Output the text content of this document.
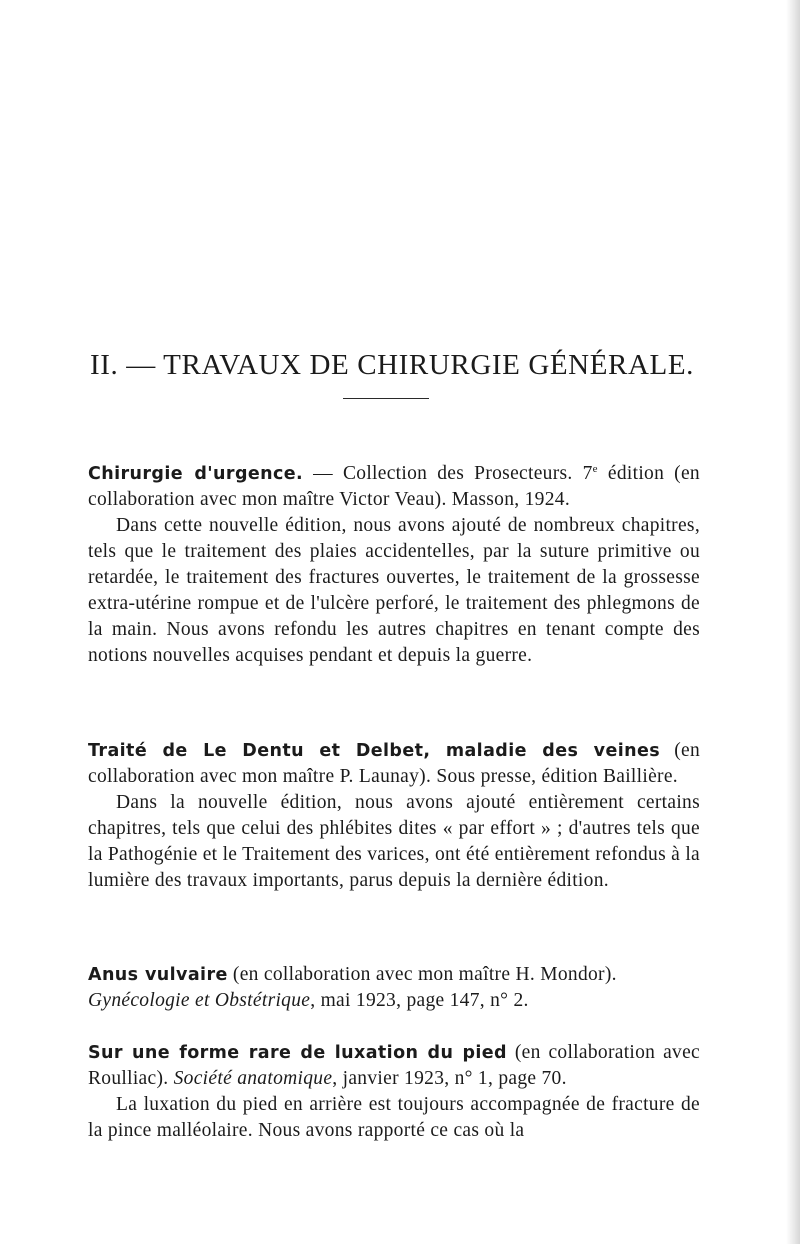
II. — TRAVAUX DE CHIRURGIE GÉNÉRALE.

Chirurgie d'urgence. — Collection des Prosecteurs. 7e édition (en collaboration avec mon maître Victor Veau). Masson, 1924.

Dans cette nouvelle édition, nous avons ajouté de nombreux chapitres, tels que le traitement des plaies accidentelles, par la suture primitive ou retardée, le traitement des fractures ouvertes, le traitement de la grossesse extra-utérine rompue et de l'ulcère perforé, le traitement des phlegmons de la main. Nous avons refondu les autres chapitres en tenant compte des notions nouvelles acquises pendant et depuis la guerre.

Traité de Le Dentu et Delbet, maladie des veines (en collaboration avec mon maître P. Launay). Sous presse, édition Baillière.

Dans la nouvelle édition, nous avons ajouté entièrement certains chapitres, tels que celui des phlébites dites « par effort » ; d'autres tels que la Pathogénie et le Traitement des varices, ont été entièrement refondus à la lumière des travaux importants, parus depuis la dernière édition.

Anus vulvaire (en collaboration avec mon maître H. Mondor).
Gynécologie et Obstétrique, mai 1923, page 147, n° 2.

Sur une forme rare de luxation du pied (en collaboration avec Roulliac). Société anatomique, janvier 1923, n° 1, page 70.

La luxation du pied en arrière est toujours accompagnée de fracture de la pince malléolaire. Nous avons rapporté ce cas où la
